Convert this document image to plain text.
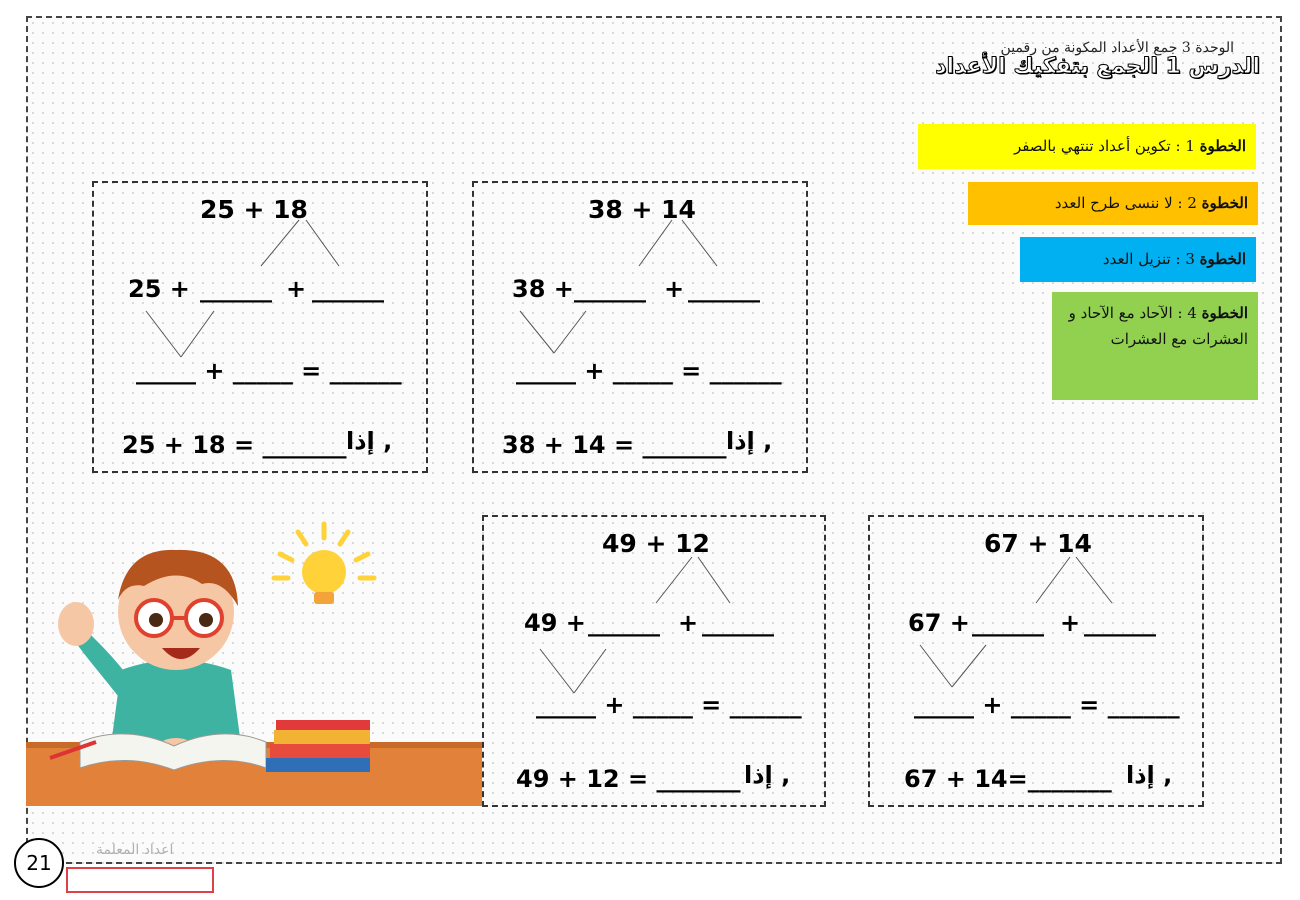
الوحدة 3 جمع الأعداد المكونة من رقمين
الدرس 1 الجمع بتفكيك الأعداد
الخطوة 1 : تكوين أعداد تنتهي بالصفر
الخطوة 2 : لا ننسى طرح العدد
الخطوة 3 : تنزيل العدد
الخطوة 4 : الآحاد مع الآحاد و العشرات مع العشرات
25 + 18
25 + ______ + ______
_____ + _____ = ______
25 + 18 = _______ إذا ,
38 + 14
38 + ______ + ______
_____ + _____ = ______
38 + 14 = _______ إذا ,
49 + 12
49 + ______ + ______
_____ + _____ = ______
49 + 12 = _______ إذا ,
67 + 14
67 + ______ + ______
_____ + _____ = ______
67 + 14=_______ إذا ,
21
اعداد المعلمة
